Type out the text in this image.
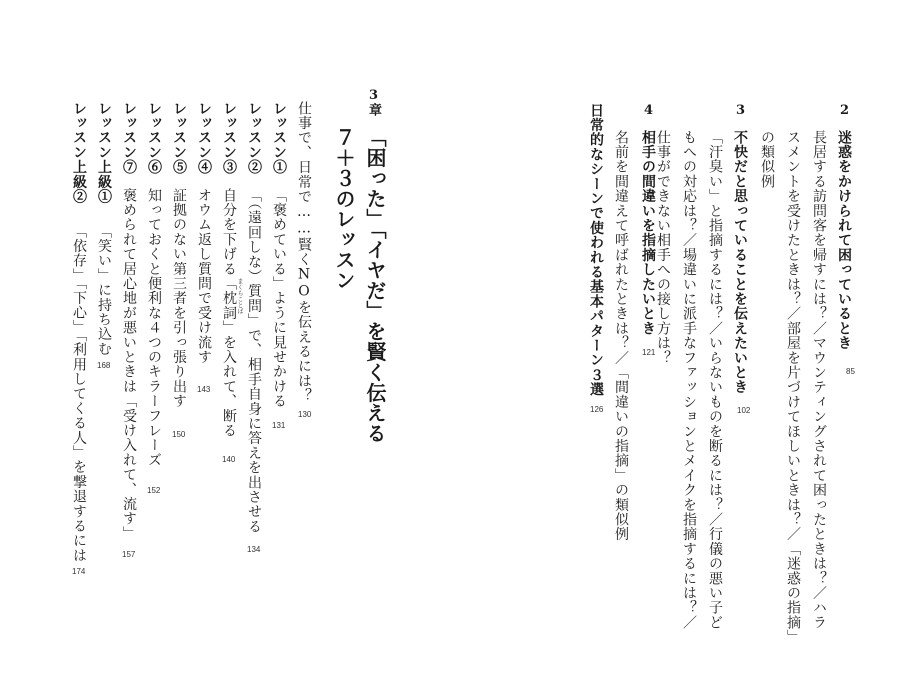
2
迷惑をかけられて困っているとき
85
長居する訪問客を帰すには？／マウンティングされて困ったときは？／ハラ
スメントを受けたときは？／部屋を片づけてほしいときは？／「迷惑の指摘」
の類似例
3
不快だと思っていることを伝えたいとき
102
「汗臭い」と指摘するには？／いらないものを断るには？／行儀の悪い子ど
もへの対応は？／場違いに派手なファッションとメイクを指摘するには？／
仕事ができない相手への接し方は？
4
相手の間違いを指摘したいとき
121
名前を間違えて呼ばれたときは？／「間違いの指摘」の類似例
日常的なシーンで使われる基本パターン３選
126
3
章
「困った」「イヤだ」を賢く伝える
７＋３のレッスン
仕事で、日常で……賢くNOを伝えるには？
130
レッスン①
「褒めている」ように見せかける
131
レッスン②
「（遠回しな）質問」で、相手自身に答えを出させる
134
レッスン③
自分を下げる「枕詞」を入れて、断る まくらことば
140
レッスン④
オウム返し質問で受け流す
143
レッスン⑤
証拠のない第三者を引っ張り出す
150
レッスン⑥
知っておくと便利な４つのキラーフレーズ
152
レッスン⑦
褒められて居心地が悪いときは「受け入れて、流す」
157
レッスン上級①
「笑い」に持ち込む
168
レッスン上級②
「依存」「下心」「利用してくる人」を撃退するには
174
